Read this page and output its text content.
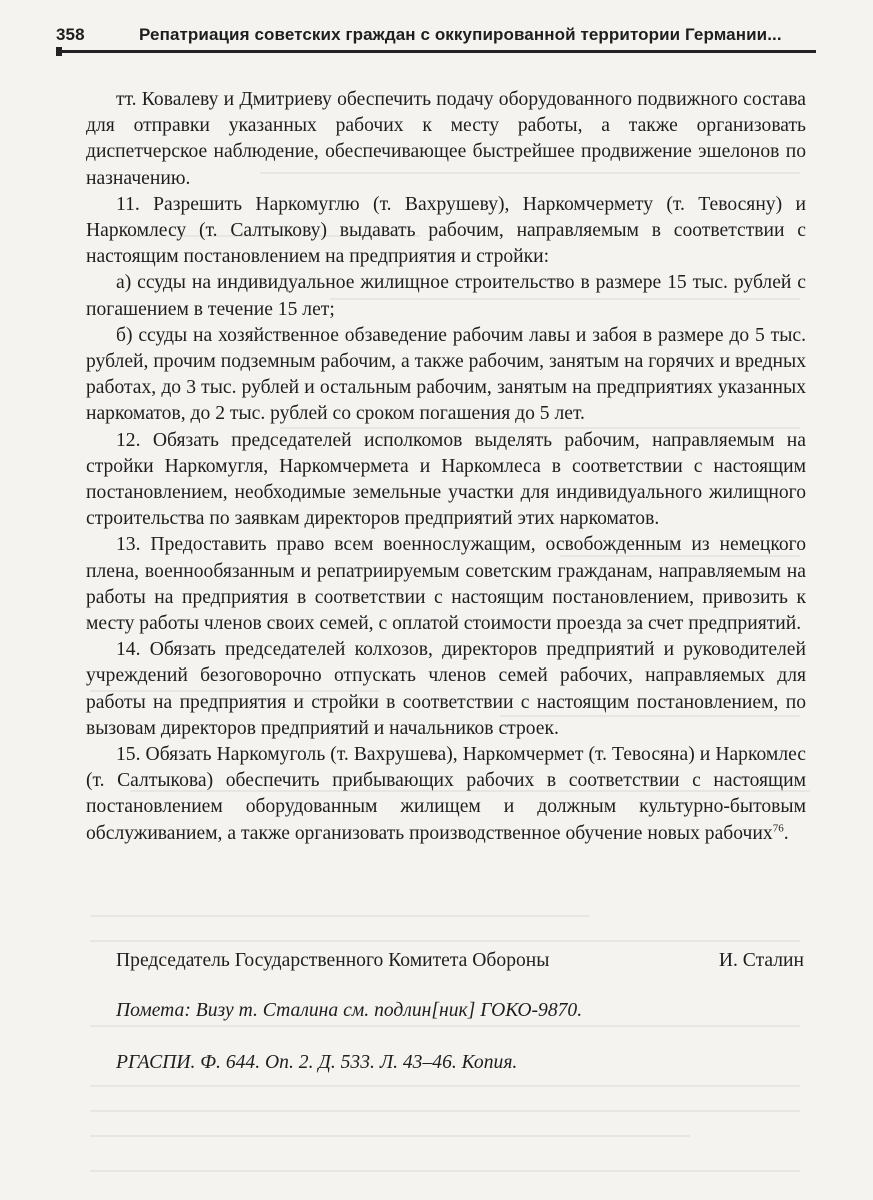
358	Репатриация советских граждан с оккупированной территории Германии...

тт. Ковалеву и Дмитриеву обеспечить подачу оборудованного подвижного состава для отправки указанных рабочих к месту работы, а также организовать диспетчерское наблюдение, обеспечивающее быстрейшее продвижение эшелонов по назначению.

11. Разрешить Наркомуглю (т. Вахрушеву), Наркомчермету (т. Тевосяну) и Наркомлесу (т. Салтыкову) выдавать рабочим, направляемым в соответствии с настоящим постановлением на предприятия и стройки:

а) ссуды на индивидуальное жилищное строительство в размере 15 тыс. рублей с погашением в течение 15 лет;

б) ссуды на хозяйственное обзаведение рабочим лавы и забоя в размере до 5 тыс. рублей, прочим подземным рабочим, а также рабочим, занятым на горячих и вредных работах, до 3 тыс. рублей и остальным рабочим, занятым на предприятиях указанных наркоматов, до 2 тыс. рублей со сроком погашения до 5 лет.

12. Обязать председателей исполкомов выделять рабочим, направляемым на стройки Наркомугля, Наркомчермета и Наркомлеса в соответствии с настоящим постановлением, необходимые земельные участки для индивидуального жилищного строительства по заявкам директоров предприятий этих наркоматов.

13. Предоставить право всем военнослужащим, освобожденным из немецкого плена, военнообязанным и репатриируемым советским гражданам, направляемым на работы на предприятия в соответствии с настоящим постановлением, привозить к месту работы членов своих семей, с оплатой стоимости проезда за счет предприятий.

14. Обязать председателей колхозов, директоров предприятий и руководителей учреждений безоговорочно отпускать членов семей рабочих, направляемых для работы на предприятия и стройки в соответствии с настоящим постановлением, по вызовам директоров предприятий и начальников строек.

15. Обязать Наркомуголь (т. Вахрушева), Наркомчермет (т. Тевосяна) и Наркомлес (т. Салтыкова) обеспечить прибывающих рабочих в соответствии с настоящим постановлением оборудованным жилищем и должным культурно-бытовым обслуживанием, а также организовать производственное обучение новых рабочих$^{76}$.

Председатель Государственного Комитета Обороны	И. Сталин
Помета: Визу т. Сталина см. подлин[ник] ГОКО-9870.
РГАСПИ. Ф. 644. Оп. 2. Д. 533. Л. 43–46. Копия.
